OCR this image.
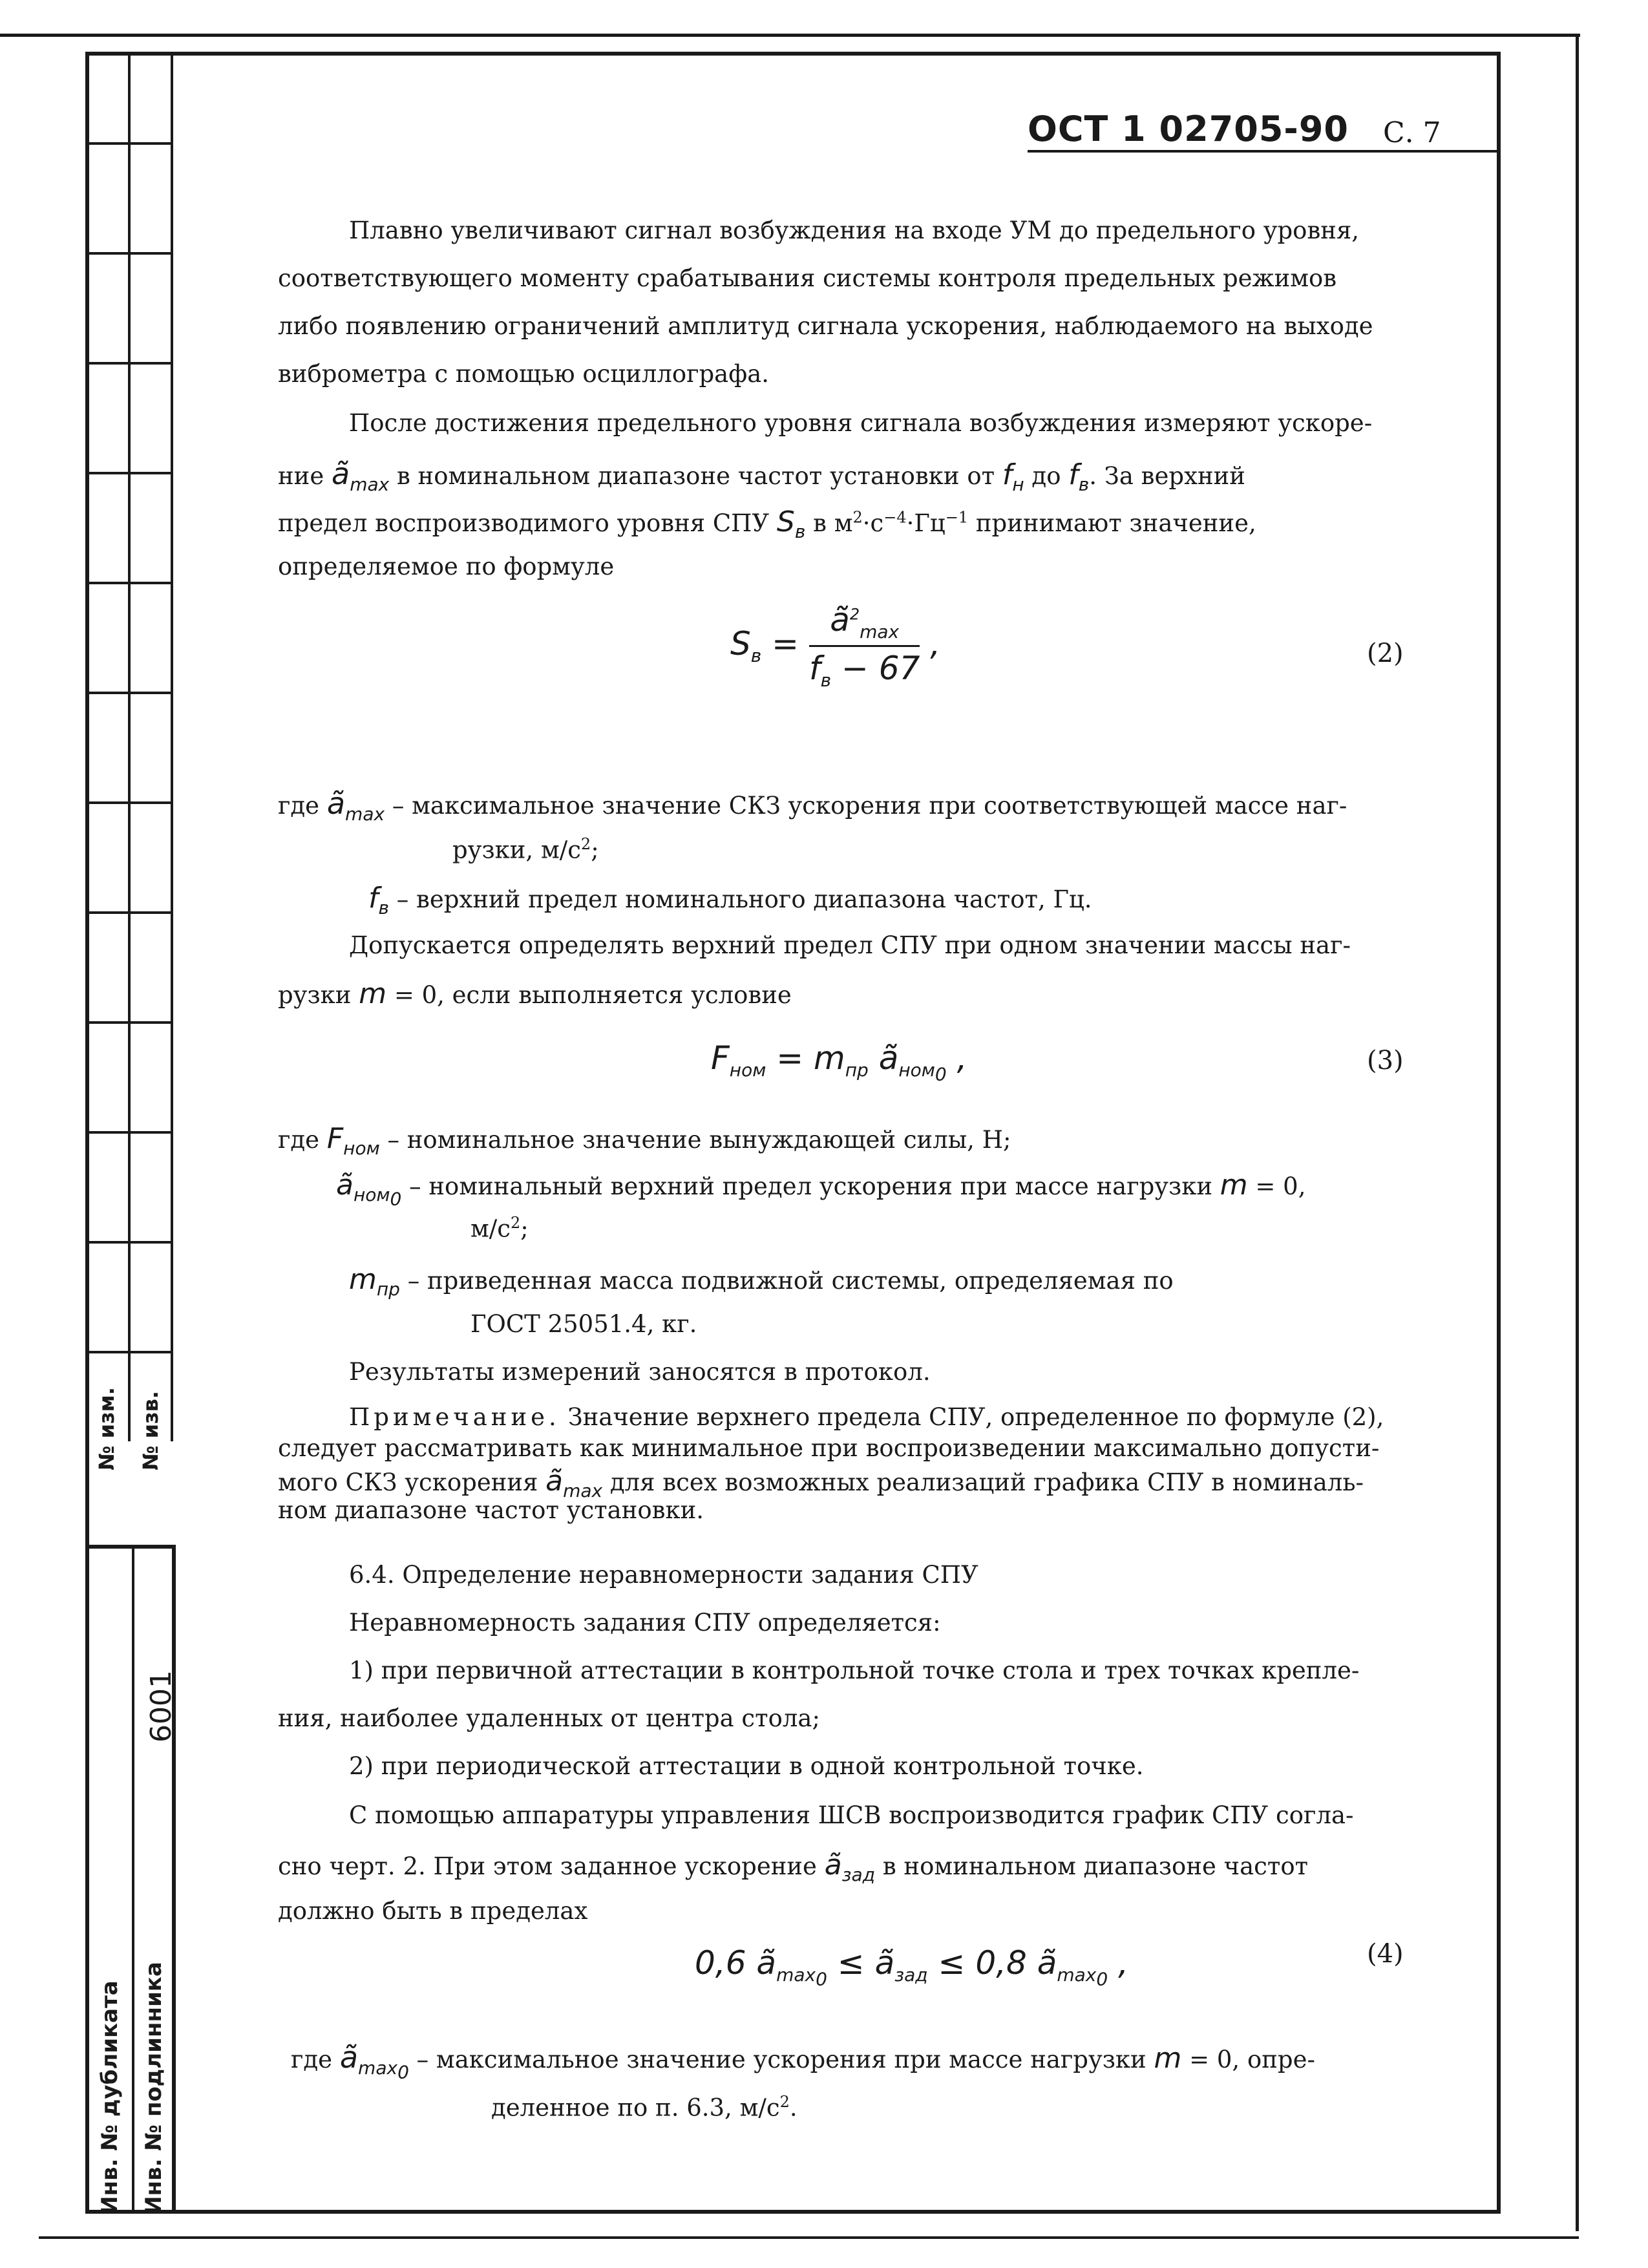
№ изм. № изв.
6001
Инв. № дубликата Инв. № подлинника
ОСТ 1 02705-90 С. 7
Плавно увеличивают сигнал возбуждения на входе УМ до предельного уровня,
соответствующего моменту срабатывания системы контроля предельных режимов
либо появлению ограничений амплитуд сигнала ускорения, наблюдаемого на выходе
виброметра с помощью осциллографа.
После достижения предельного уровня сигнала возбуждения измеряют ускоре-
ние $ã_{max}$ в номинальном диапазоне частот установки от $f_н$ до $f_в$. За верхний
предел воспроизводимого уровня СПУ $S_в$ в $м^2\cdot с^{-4}\cdot Гц^{-1}$ принимают значение,
определяемое по формуле
$S_в = \frac{ã^2_{max}}{f_в - 67}$ ,	(2)
где $ã_{max}$ – максимальное значение СКЗ ускорения при соответствующей массе наг-
рузки, $м/с^2$;
$f_в$ – верхний предел номинального диапазона частот, Гц.
Допускается определять верхний предел СПУ при одном значении массы наг-
рузки m = 0, если выполняется условие
$F_{ном} = m_{пр}$ $ã_{ном_0}$ ,	(3)
где $F_{ном}$ – номинальное значение вынуждающей силы, Н;
$ã_{ном_0}$ – номинальный верхний предел ускорения при массе нагрузки m = 0,
$м/с^2$;
$m_{пр}$ – приведенная масса подвижной системы, определяемая по
ГОСТ 25051.4, кг.
Результаты измерений заносятся в протокол.
Примечание. Значение верхнего предела СПУ, определенное по формуле (2),
следует рассматривать как минимальное при воспроизведении максимально допусти-
мого СКЗ ускорения $ã_{max}$ для всех возможных реализаций графика СПУ в номиналь-
ном диапазоне частот установки.
6.4. Определение неравномерности задания СПУ
Неравномерность задания СПУ определяется:
1) при первичной аттестации в контрольной точке стола и трех точках крепле-
ния, наиболее удаленных от центра стола;
2) при периодической аттестации в одной контрольной точке.
С помощью аппаратуры управления ШСВ воспроизводится график СПУ согла-
сно черт. 2. При этом заданное ускорение $ã_{зад}$ в номинальном диапазоне частот
должно быть в пределах
0,6 $ã_{max_0}$ ≤ $ã_{зад} \le 0,8$ $ã_{max_0}$ ,	(4)
где $ã_{max_0}$ – максимальное значение ускорения при массе нагрузки m = 0, опре-
деленное по п. 6.3, $м/с^2$.
